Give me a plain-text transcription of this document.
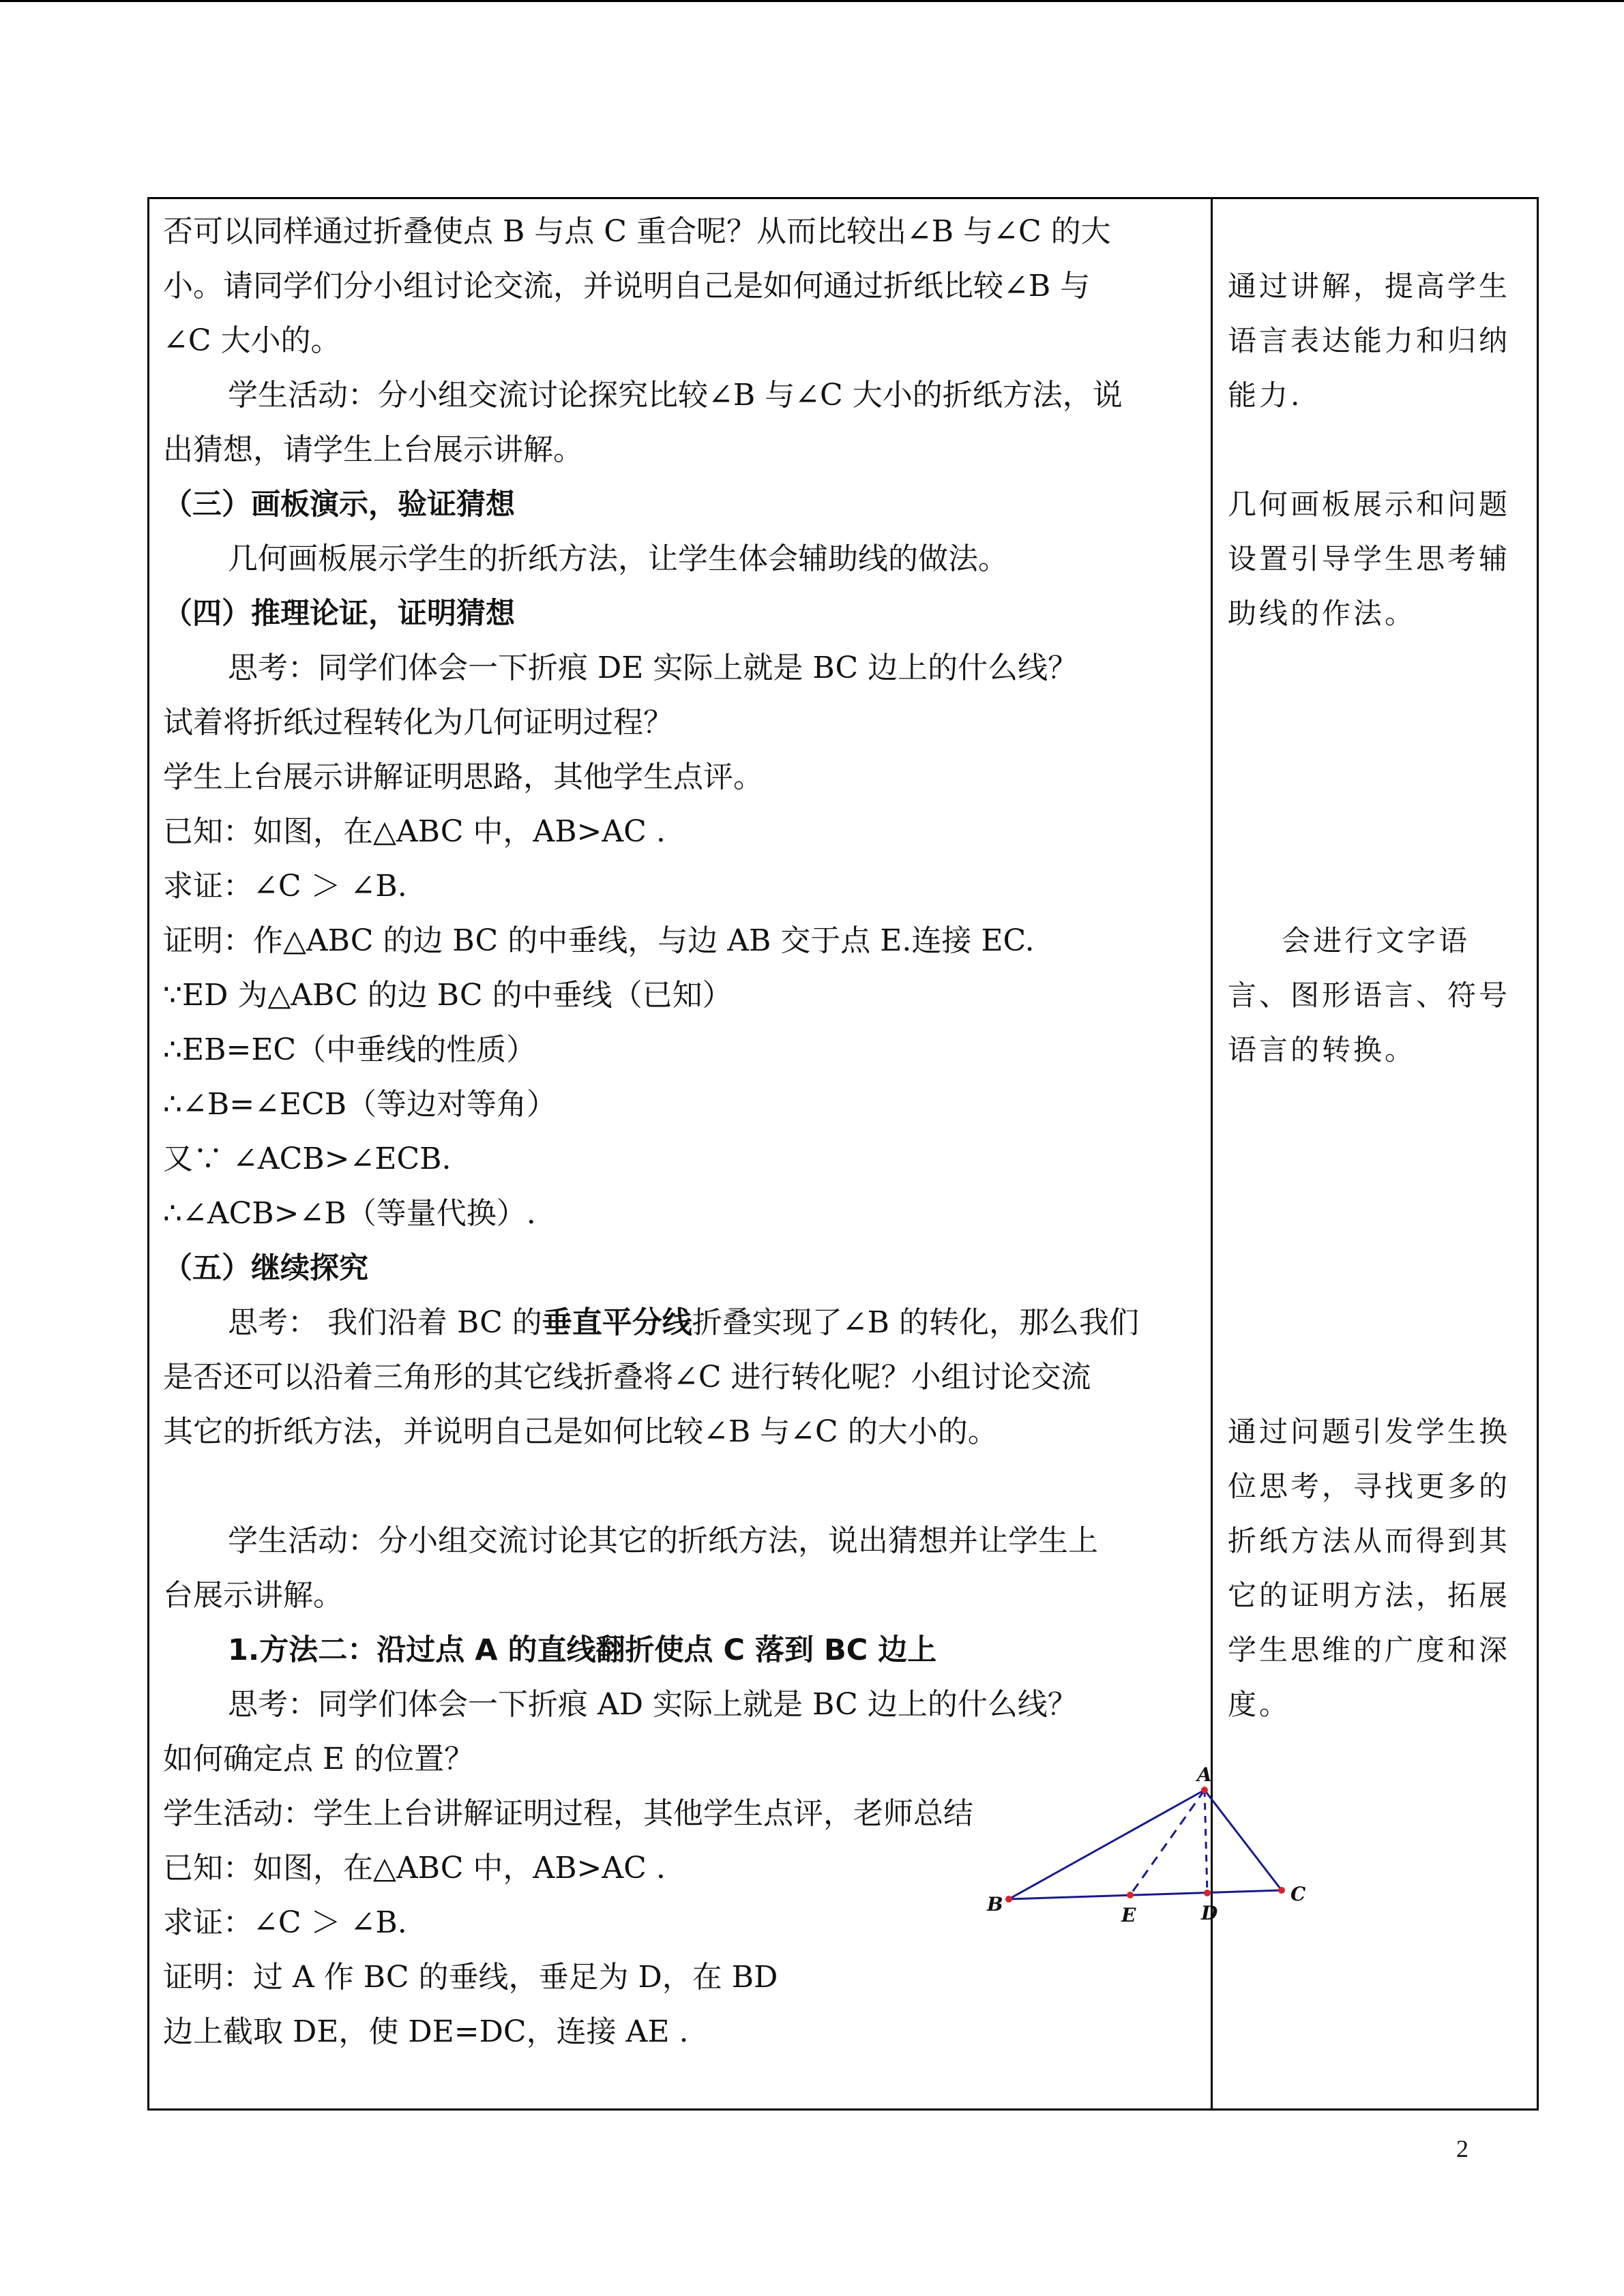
否可以同样通过折叠使点 B 与点 C 重合呢？从而比较出∠B 与∠C 的大
小。请同学们分小组讨论交流，并说明自己是如何通过折纸比较∠B 与
∠C 大小的。
学生活动：分小组交流讨论探究比较∠B 与∠C 大小的折纸方法，说
出猜想，请学生上台展示讲解。
（三）画板演示，验证猜想
几何画板展示学生的折纸方法，让学生体会辅助线的做法。
（四）推理论证，证明猜想
思考：同学们体会一下折痕 DE 实际上就是 BC 边上的什么线？
试着将折纸过程转化为几何证明过程？
学生上台展示讲解证明思路，其他学生点评。
已知：如图，在△ABC 中，AB>AC .
求证：∠C ＞ ∠B.
证明：作△ABC 的边 BC 的中垂线，与边 AB 交于点 E.连接 EC.
∵ED 为△ABC 的边 BC 的中垂线（已知）
∴EB=EC（中垂线的性质）
∴∠B=∠ECB（等边对等角）
又∵ ∠ACB>∠ECB.
∴∠ACB>∠B（等量代换）.
（五）继续探究
思考： 我们沿着 BC 的垂直平分线折叠实现了∠B 的转化，那么我们
是否还可以沿着三角形的其它线折叠将∠C 进行转化呢？小组讨论交流
其它的折纸方法，并说明自己是如何比较∠B 与∠C 的大小的。
学生活动：分小组交流讨论其它的折纸方法，说出猜想并让学生上
台展示讲解。
1.方法二：沿过点 A 的直线翻折使点 C 落到 BC 边上
思考：同学们体会一下折痕 AD 实际上就是 BC 边上的什么线？
如何确定点 E 的位置？
学生活动：学生上台讲解证明过程，其他学生点评，老师总结
已知：如图，在△ABC 中，AB>AC .
求证：∠C ＞ ∠B.
证明：过 A 作 BC 的垂线，垂足为 D，在 BD
边上截取 DE，使 DE=DC，连接 AE .
A
B	C
D
E
通过讲解，提高学生
语言表达能力和归纳
能力.
几何画板展示和问题
设置引导学生思考辅
助线的作法。
会进行文字语
言、图形语言、符号
语言的转换。
通过问题引发学生换
位思考，寻找更多的
折纸方法从而得到其
它的证明方法，拓展
学生思维的广度和深
度。
2
